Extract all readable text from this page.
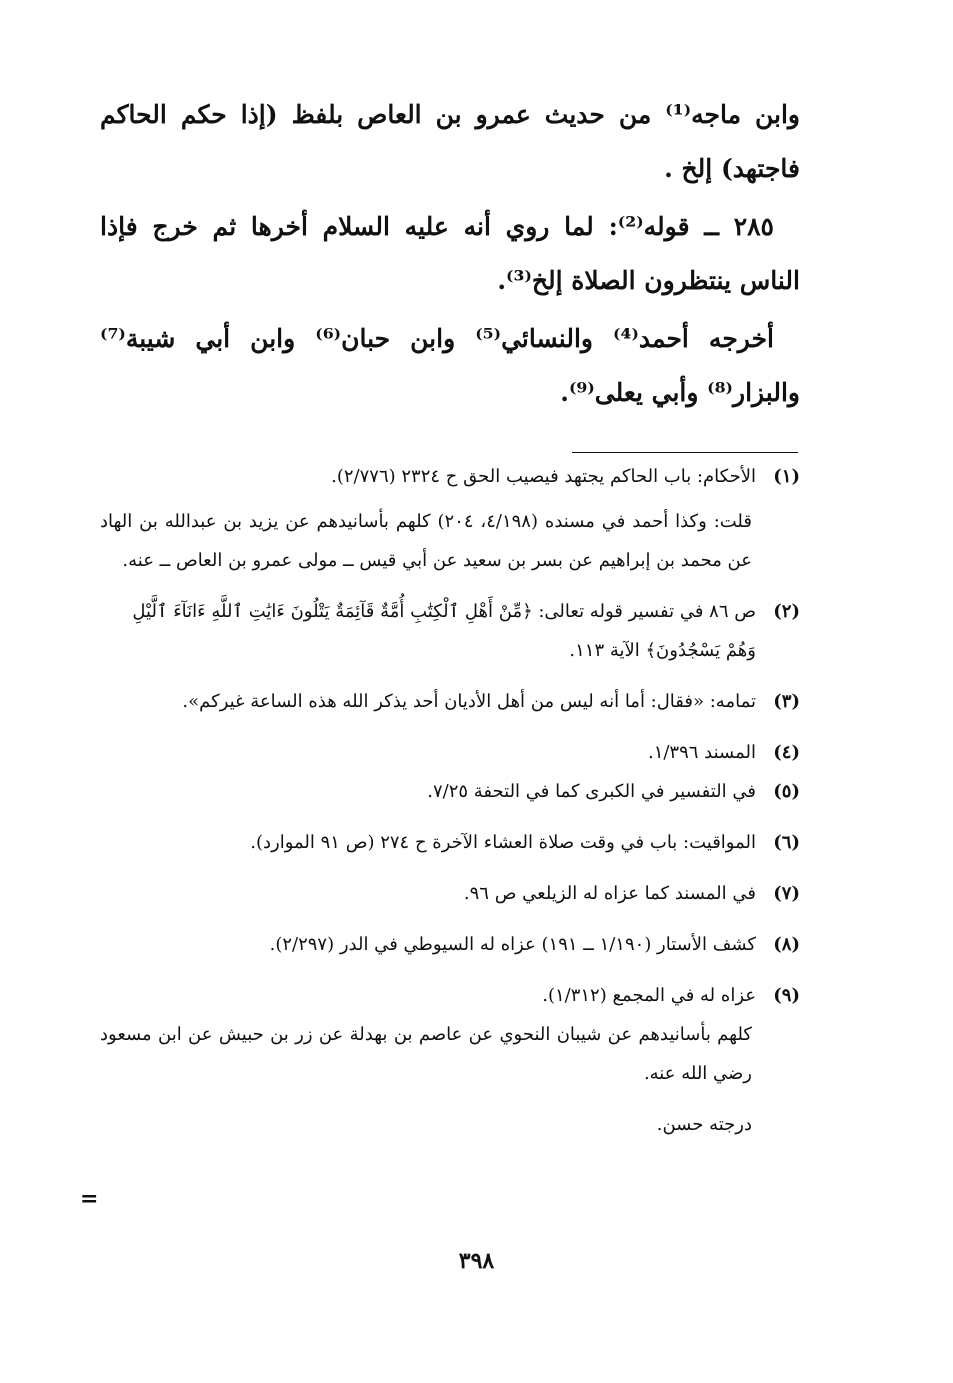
وابن ماجه⁽¹⁾ من حديث عمرو بن العاص بلفظ (إذا حكم الحاكم فاجتهد) إلخ .

٢٨٥ ــ قوله⁽²⁾: لما روي أنه عليه السلام أخرها ثم خرج فإذا الناس ينتظرون الصلاة إلخ⁽³⁾.

أخرجه أحمد⁽⁴⁾ والنسائي⁽⁵⁾ وابن حبان⁽⁶⁾ وابن أبي شيبة⁽⁷⁾ والبزار⁽⁸⁾ وأبي يعلى⁽⁹⁾.

(١)
الأحكام: باب الحاكم يجتهد فيصيب الحق ح ٢٣٢٤ (٢/٧٧٦).

قلت: وكذا أحمد في مسنده (٤/١٩٨، ٢٠٤) كلهم بأسانيدهم عن يزيد بن عبدالله بن الهاد عن محمد بن إبراهيم عن بسر بن سعيد عن أبي قيس ــ مولى عمرو بن العاص ــ عنه.

(٢)
ص ٨٦ في تفسير قوله تعالى: ﴿مِّنْ أَهْلِ ٱلْكِتَٰبِ أُمَّةٌ قَآئِمَةٌ يَتْلُونَ ءَايَٰتِ ٱللَّهِ ءَانَآءَ ٱلَّيْلِ وَهُمْ يَسْجُدُونَ﴾ الآية ١١٣.
(٣)
تمامه: «فقال: أما أنه ليس من أهل الأديان أحد يذكر الله هذه الساعة غيركم».
(٤)
المسند ١/٣٩٦.
(٥)
في التفسير في الكبرى كما في التحفة ٧/٢٥.
(٦)
المواقيت: باب في وقت صلاة العشاء الآخرة ح ٢٧٤ (ص ٩١ الموارد).
(٧)
في المسند كما عزاه له الزيلعي ص ٩٦.
(٨)
كشف الأستار (١/١٩٠ ــ ١٩١) عزاه له السيوطي في الدر (٢/٢٩٧).
(٩)
عزاه له في المجمع (١/٣١٢).

كلهم بأسانيدهم عن شيبان النحوي عن عاصم بن بهدلة عن زر بن حبيش عن ابن مسعود رضي الله عنه.

درجته حسن.

=
٣٩٨
